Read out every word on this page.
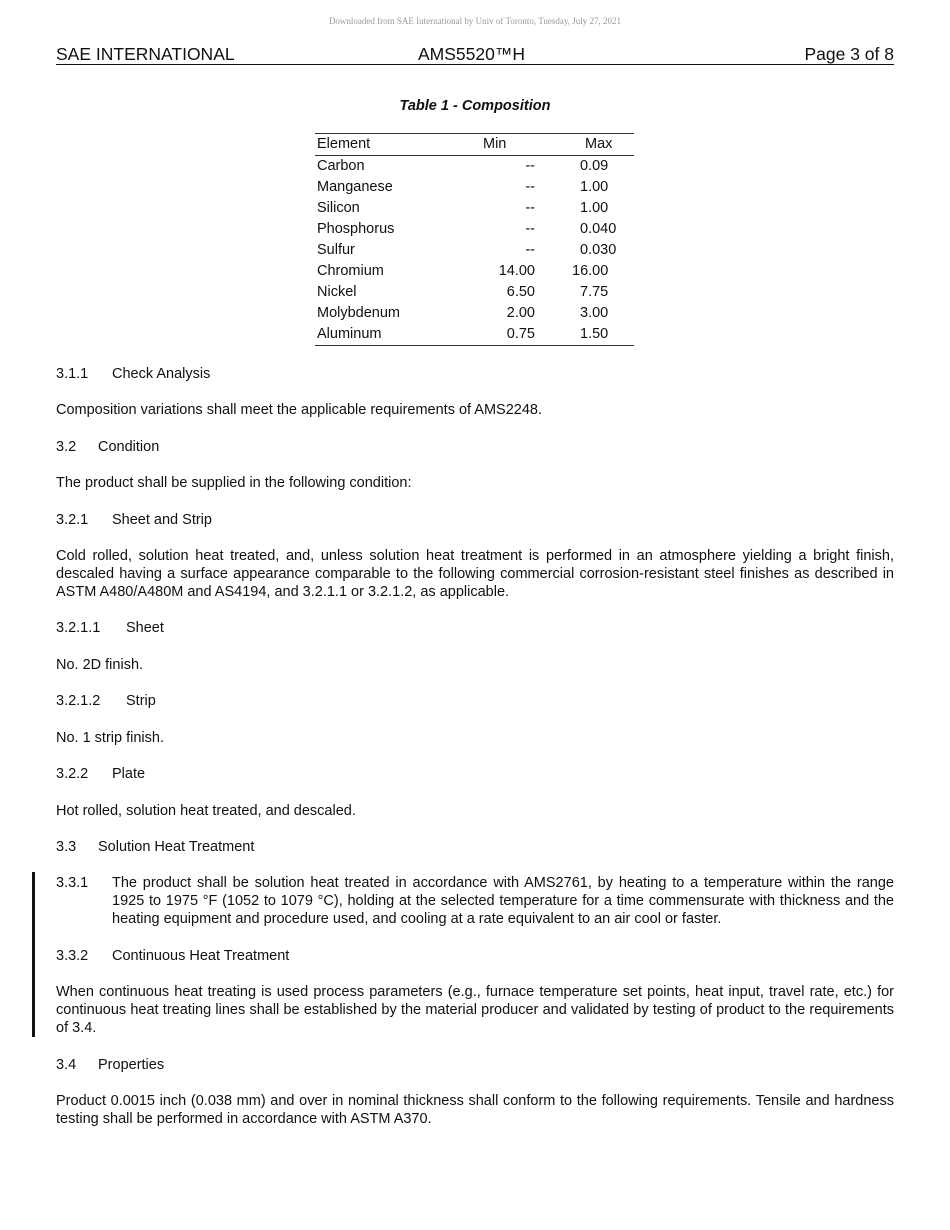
Downloaded from SAE International by Univ of Toronto, Tuesday, July 27, 2021
SAE INTERNATIONAL	AMS5520™H	Page 3 of 8
Table 1 - Composition
Element	Min	Max
Carbon	--	0.09
Manganese	--	1.00
Silicon	--	1.00
Phosphorus	--	0.040
Sulfur	--	0.030
Chromium	14.00	16.00
Nickel	6.50	7.75
Molybdenum	2.00	3.00
Aluminum	0.75	1.50
3.1.1 Check Analysis
Composition variations shall meet the applicable requirements of AMS2248.
3.2 Condition
The product shall be supplied in the following condition:
3.2.1 Sheet and Strip
Cold rolled, solution heat treated, and, unless solution heat treatment is performed in an atmosphere yielding a bright finish, descaled having a surface appearance comparable to the following commercial corrosion-resistant steel finishes as described in ASTM A480/A480M and AS4194, and 3.2.1.1 or 3.2.1.2, as applicable.
3.2.1.1 Sheet
No. 2D finish.
3.2.1.2 Strip
No. 1 strip finish.
3.2.2 Plate
Hot rolled, solution heat treated, and descaled.
3.3 Solution Heat Treatment
3.3.1 The product shall be solution heat treated in accordance with AMS2761, by heating to a temperature within the range 1925 to 1975 °F (1052 to 1079 °C), holding at the selected temperature for a time commensurate with thickness and the heating equipment and procedure used, and cooling at a rate equivalent to an air cool or faster.
3.3.2 Continuous Heat Treatment
When continuous heat treating is used process parameters (e.g., furnace temperature set points, heat input, travel rate, etc.) for continuous heat treating lines shall be established by the material producer and validated by testing of product to the requirements of 3.4.
3.4 Properties
Product 0.0015 inch (0.038 mm) and over in nominal thickness shall conform to the following requirements. Tensile and hardness testing shall be performed in accordance with ASTM A370.
